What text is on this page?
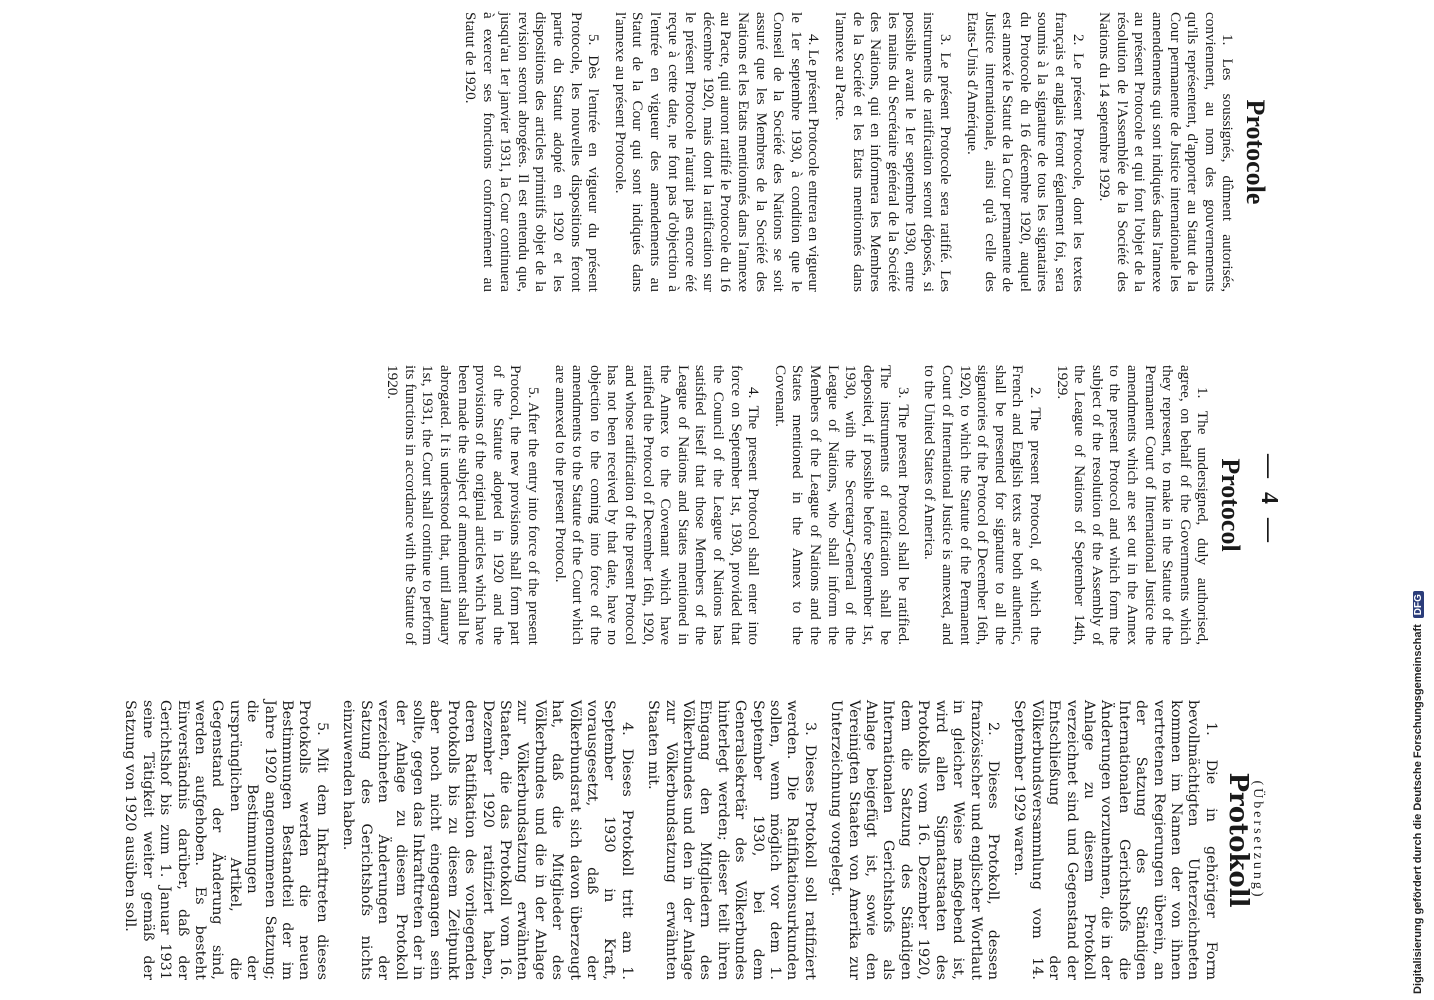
— 4 —
Protocole

1. Les soussignés, dûment autorisés, conviennent, au nom des gouvernements qu'ils représentent, d'apporter au Statut de la Cour permanente de Justice internationale les amendements qui sont indiqués dans l'annexe au présent Protocole et qui font l'objet de la résolution de l'Assemblée de la Société des Nations du 14 septembre 1929.

2. Le présent Protocole, dont les textes français et anglais feront également foi, sera soumis à la signature de tous les signataires du Protocole du 16 décembre 1920, auquel est annexé le Statut de la Cour permanente de Justice internationale, ainsi qu'à celle des Etats-Unis d'Amérique.

3. Le présent Protocole sera ratifié. Les instruments de ratification seront déposés, si possible avant le 1er septembre 1930, entre les mains du Secrétaire général de la Société des Nations, qui en informera les Membres de la Société et les Etats mentionnés dans l'annexe au Pacte.

4. Le présent Protocole entrera en vigueur le 1er septembre 1930, à condition que le Conseil de la Société des Nations se soit assuré que les Membres de la Société des Nations et les Etats mentionnés dans l'annexe au Pacte, qui auront ratifié le Protocole du 16 décembre 1920, mais dont la ratification sur le présent Protocole n'aurait pas encore été reçue à cette date, ne font pas d'objection à l'entrée en vigueur des amendements au Statut de la Cour qui sont indiqués dans l'annexe au présent Protocole.

5. Dès l'entrée en vigueur du présent Protocole, les nouvelles dispositions feront partie du Statut adopté en 1920 et les dispositions des articles primitifs objet de la revision seront abrogées. Il est entendu que, jusqu'au 1er janvier 1931, la Cour continuera à exercer ses fonctions conformément au Statut de 1920.

Protocol

1. The undersigned, duly authorised, agree, on behalf of the Governments which they represent, to make in the Statute of the Permanent Court of International Justice the amendments which are set out in the Annex to the present Protocol and which form the subject of the resolution of the Assembly of the League of Nations of September 14th, 1929.

2. The present Protocol, of which the French and English texts are both authentic, shall be presented for signature to all the signatories of the Protocol of December 16th, 1920, to which the Statute of the Permanent Court of International Justice is annexed, and to the United States of America.

3. The present Protocol shall be ratified. The instruments of ratification shall be deposited, if possible before September 1st, 1930, with the Secretary-General of the League of Nations, who shall inform the Members of the League of Nations and the States mentioned in the Annex to the Covenant.

4. The present Protocol shall enter into force on September 1st, 1930, provided that the Council of the League of Nations has satisfied itself that those Members of the League of Nations and States mentioned in the Annex to the Covenant which have ratified the Protocol of December 16th, 1920, and whose ratification of the present Protocol has not been received by that date, have no objection to the coming into force of the amendments to the Statute of the Court which are annexed to the present Protocol.

5. After the entry into force of the present Protocol, the new provisions shall form part of the Statute adopted in 1920 and the provisions of the original articles which have been made the subject of amendment shall be abrogated. It is understood that, until January 1st, 1931, the Court shall continue to perform its functions in accordance with the Statute of 1920.

(Übersetzung)
Protokoll

1. Die in gehöriger Form bevollmächtigten Unterzeichneten kommen im Namen der von ihnen vertretenen Regierungen überein, an der Satzung des Ständigen Internationalen Gerichtshofs die Änderungen vorzunehmen, die in der Anlage zu diesem Protokoll verzeichnet sind und Gegenstand der Entschließung der Völkerbundsversammlung vom 14. September 1929 waren.

2. Dieses Protokoll, dessen französischer und englischer Wortlaut in gleicher Weise maßgebend ist, wird allen Signatarstaaten des Protokolls vom 16. Dezember 1920, dem die Satzung des Ständigen Internationalen Gerichtshofs als Anlage beigefügt ist, sowie den Vereinigten Staaten von Amerika zur Unterzeichnung vorgelegt.

3. Dieses Protokoll soll ratifiziert werden. Die Ratifikationsurkunden sollen, wenn möglich vor dem 1. September 1930, bei dem Generalsekretär des Völkerbundes hinterlegt werden; dieser teilt ihren Eingang den Mitgliedern des Völkerbundes und den in der Anlage zur Völkerbundsatzung erwähnten Staaten mit.

4. Dieses Protokoll tritt am 1. September 1930 in Kraft, vorausgesetzt, daß der Völkerbundsrat sich davon überzeugt hat, daß die Mitglieder des Völkerbundes und die in der Anlage zur Völkerbundsatzung erwähnten Staaten, die das Protokoll vom 16. Dezember 1920 ratifiziert haben, deren Ratifikation des vorliegenden Protokolls bis zu diesem Zeitpunkt aber noch nicht eingegangen sein sollte, gegen das Inkrafttreten der in der Anlage zu diesem Protokoll verzeichneten Änderungen der Satzung des Gerichtshofs nichts einzuwenden haben.

5. Mit dem Inkrafttreten dieses Protokolls werden die neuen Bestimmungen Bestandteil der im Jahre 1920 angenommenen Satzung; die Bestimmungen der ursprünglichen Artikel, die Gegenstand der Änderung sind, werden aufgehoben. Es besteht Einverständnis darüber, daß der Gerichtshof bis zum 1. Januar 1931 seine Tätigkeit weiter gemäß der Satzung von 1920 ausüben soll.	Digitalisierung gefördert durch die Deutsche Forschungsgemeinschaft
DFG
